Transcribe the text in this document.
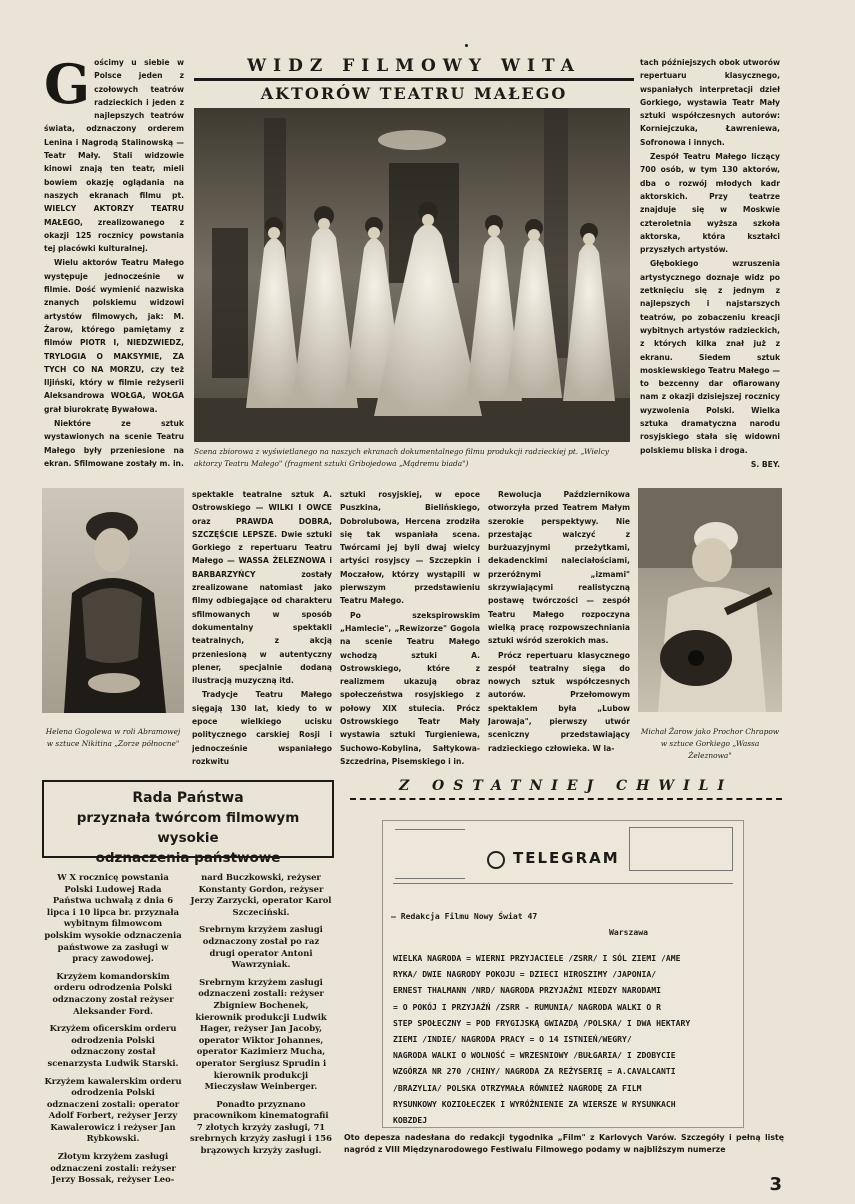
G ościmy u siebie w Polsce jeden z czołowych teatrów radzieckich i jeden z najlepszych teatrów świata, odznaczony orderem Lenina i Nagrodą Stalinowską — Teatr Mały. Stali widzowie kinowi znają ten teatr, mieli bowiem okazję oglądania na naszych ekranach filmu pt. WIELCY AKTORZY TEATRU MAŁEGO, zrealizowanego z okazji 125 rocznicy powstania tej placówki kulturalnej.

Wielu aktorów Teatru Małego występuje jednocześnie w filmie. Dość wymienić nazwiska znanych polskiemu widzowi artystów filmowych, jak: M. Żarow, którego pamiętamy z filmów PIOTR I, NIEDZWIEDZ, TRYLOGIA O MAKSYMIE, ZA TYCH CO NA MORZU, czy też Iljiński, który w filmie reżyserii Aleksandrowa WOŁGA, WOŁGA grał biurokratę Bywałowa.

Niektóre ze sztuk wystawionych na scenie Teatru Małego były przeniesione na ekran. Sfilmowane zostały m. in.

WIDZ FILMOWY WITA
AKTORÓW TEATRU MAŁEGO
Scena zbiorowa z wyświetlanego na naszych ekranach dokumentalnego filmu produkcji radzieckiej pt. „Wielcy aktorzy Teatru Małego" (fragment sztuki Gribojedowa „Mądremu biada")

tach późniejszych obok utworów repertuaru klasycznego, wspaniałych interpretacji dzieł Gorkiego, wystawia Teatr Mały sztuki współczesnych autorów: Korniejczuka, Ławreniewa, Sofronowa i innych.

Zespół Teatru Małego liczący 700 osób, w tym 130 aktorów, dba o rozwój młodych kadr aktorskich. Przy teatrze znajduje się w Moskwie czteroletnia wyższa szkoła aktorska, która kształci przyszłych artystów.

Głębokiego wzruszenia artystycznego doznaje widz po zetknięciu się z jednym z najlepszych i najstarszych teatrów, po zobaczeniu kreacji wybitnych artystów radzieckich, z których kilka znał już z ekranu. Siedem sztuk moskiewskiego Teatru Małego — to bezcenny dar ofiarowany nam z okazji dzisiejszej rocznicy wyzwolenia Polski. Wielka sztuka dramatyczna narodu rosyjskiego stała się widowni polskiemu bliska i droga.

S. BEY.

Helena Gogolewa w roli Abramowej w sztuce Nikitina „Zorze północne"

spektakle teatralne sztuk A. Ostrowskiego — WILKI I OWCE oraz PRAWDA DOBRA, SZCZĘŚCIE LEPSZE. Dwie sztuki Gorkiego z repertuaru Teatru Małego — WASSA ŻELEZNOWA i BARBARZYŃCY zostały zrealizowane natomiast jako filmy odbiegające od charakteru sfilmowanych w sposób dokumentalny spektakli teatralnych, z akcją przeniesioną w autentyczny plener, specjalnie dodaną ilustracją muzyczną itd.

Tradycje Teatru Małego sięgają 130 lat, kiedy to w epoce wielkiego ucisku politycznego carskiej Rosji i jednocześnie wspaniałego rozkwitu

sztuki rosyjskiej, w epoce Puszkina, Bielińskiego, Dobrolubowa, Hercena zrodziła się tak wspaniała scena. Twórcami jej byli dwaj wielcy artyści rosyjscy — Szczepkin i Moczałow, którzy wystąpili w pierwszym przedstawieniu Teatru Małego.

Po szekspirowskim „Hamlecie", „Rewizorze" Gogola na scenie Teatru Małego wchodzą sztuki A. Ostrowskiego, które z realizmem ukazują obraz społeczeństwa rosyjskiego z połowy XIX stulecia. Prócz Ostrowskiego Teatr Mały wystawia sztuki Turgieniewa, Suchowo-Kobylina, Sałtykowa-Szczedrina, Pisemskiego i in.

Rewolucja Październikowa otworzyła przed Teatrem Małym szerokie perspektywy. Nie przestając walczyć z burżuazyjnymi przeżytkami, dekadenckimi naleciałościami, przeróżnymi „izmami" skrzywiającymi realistyczną postawę twórczości — zespół Teatru Małego rozpoczyna wielką pracę rozpowszechniania sztuki wśród szerokich mas.

Prócz repertuaru klasycznego zespół teatralny sięga do nowych sztuk współczesnych autorów. Przełomowym spektaklem była „Lubow Jarowaja", pierwszy utwór sceniczny przedstawiający radzieckiego człowieka. W la-

Michał Żarow jako Prochor Chrapow w sztuce Gorkiego „Wassa Żeleznowa"
Rada Państwa
przyznała twórcom filmowym wysokie
odznaczenia państwowe

W X rocznicę powstania Polski Ludowej Rada Państwa uchwałą z dnia 6 lipca i 10 lipca br. przyznała wybitnym filmowcom polskim wysokie odznaczenia państwowe za zasługi w pracy zawodowej.

Krzyżem komandorskim orderu odrodzenia Polski odznaczony został reżyser Aleksander Ford.

Krzyżem oficerskim orderu odrodzenia Polski odznaczony został scenarzysta Ludwik Starski.

Krzyżem kawalerskim orderu odrodzenia Polski odznaczeni zostali: operator Adolf Forbert, reżyser Jerzy Kawalerowicz i reżyser Jan Rybkowski.

Złotym krzyżem zasługi odznaczeni zostali: reżyser Jerzy Bossak, reżyser Leo-

nard Buczkowski, reżyser Konstanty Gordon, reżyser Jerzy Zarzycki, operator Karol Szczeciński.

Srebrnym krzyżem zasługi odznaczony został po raz drugi operator Antoni Wawrzyniak.

Srebrnym krzyżem zasługi odznaczeni zostali: reżyser Zbigniew Bochenek, kierownik produkcji Ludwik Hager, reżyser Jan Jacoby, operator Wiktor Johannes, operator Kazimierz Mucha, operator Sergiusz Sprudin i kierownik produkcji Mieczysław Weinberger.

Ponadto przyznano pracownikom kinematografii 7 złotych krzyży zasługi, 71 srebrnych krzyży zasługi i 156 brązowych krzyży zasługi.

Z OSTATNIEJ CHWILI
TELEGRAM
— Redakcja Filmu Nowy Świat 47
Warszawa
WIELKA NAGRODA = WIERNI PRZYJACIELE /ZSRR/ I SÓL ZIEMI /AME
RYKA/ DWIE NAGRODY POKOJU = DZIECI HIROSZIMY /JAPONIA/
ERNEST THALMANN /NRD/ NAGRODA PRZYJAŹNI MIEDZY NARODAMI
= O POKÓJ I PRZYJAŹŃ /ZSRR - RUMUNIA/ NAGRODA WALKI O R
STEP SPOŁECZNY = POD FRYGIJSKĄ GWIAZDĄ /POLSKA/ I DWA HEKTARY
ZIEMI /INDIE/ NAGRODA PRACY = O 14 ISTNIEŃ/WEGRY/
NAGRODA WALKI O WOLNOŚĆ = WRZESNIOWY /BUŁGARIA/ I ZDOBYCIE
WZGÓRZA NR 270 /CHINY/ NAGRODA ZA REŻYSERIĘ = A.CAVALCANTI
/BRAZYLIA/ POLSKA OTRZYMAŁA RÓWNIEŻ NAGRODĘ ZA FILM
RYSUNKOWY KOZIOŁECZEK I WYRÓŻNIENIE ZA WIERSZE W RYSUNKACH
KOBZDEJ
Oto depesza nadesłana do redakcji tygodnika „Film" z Karlovych Varów. Szczegóły i pełną listę nagród z VIII Międzynarodowego Festiwalu Filmowego podamy w najbliższym numerze
3
